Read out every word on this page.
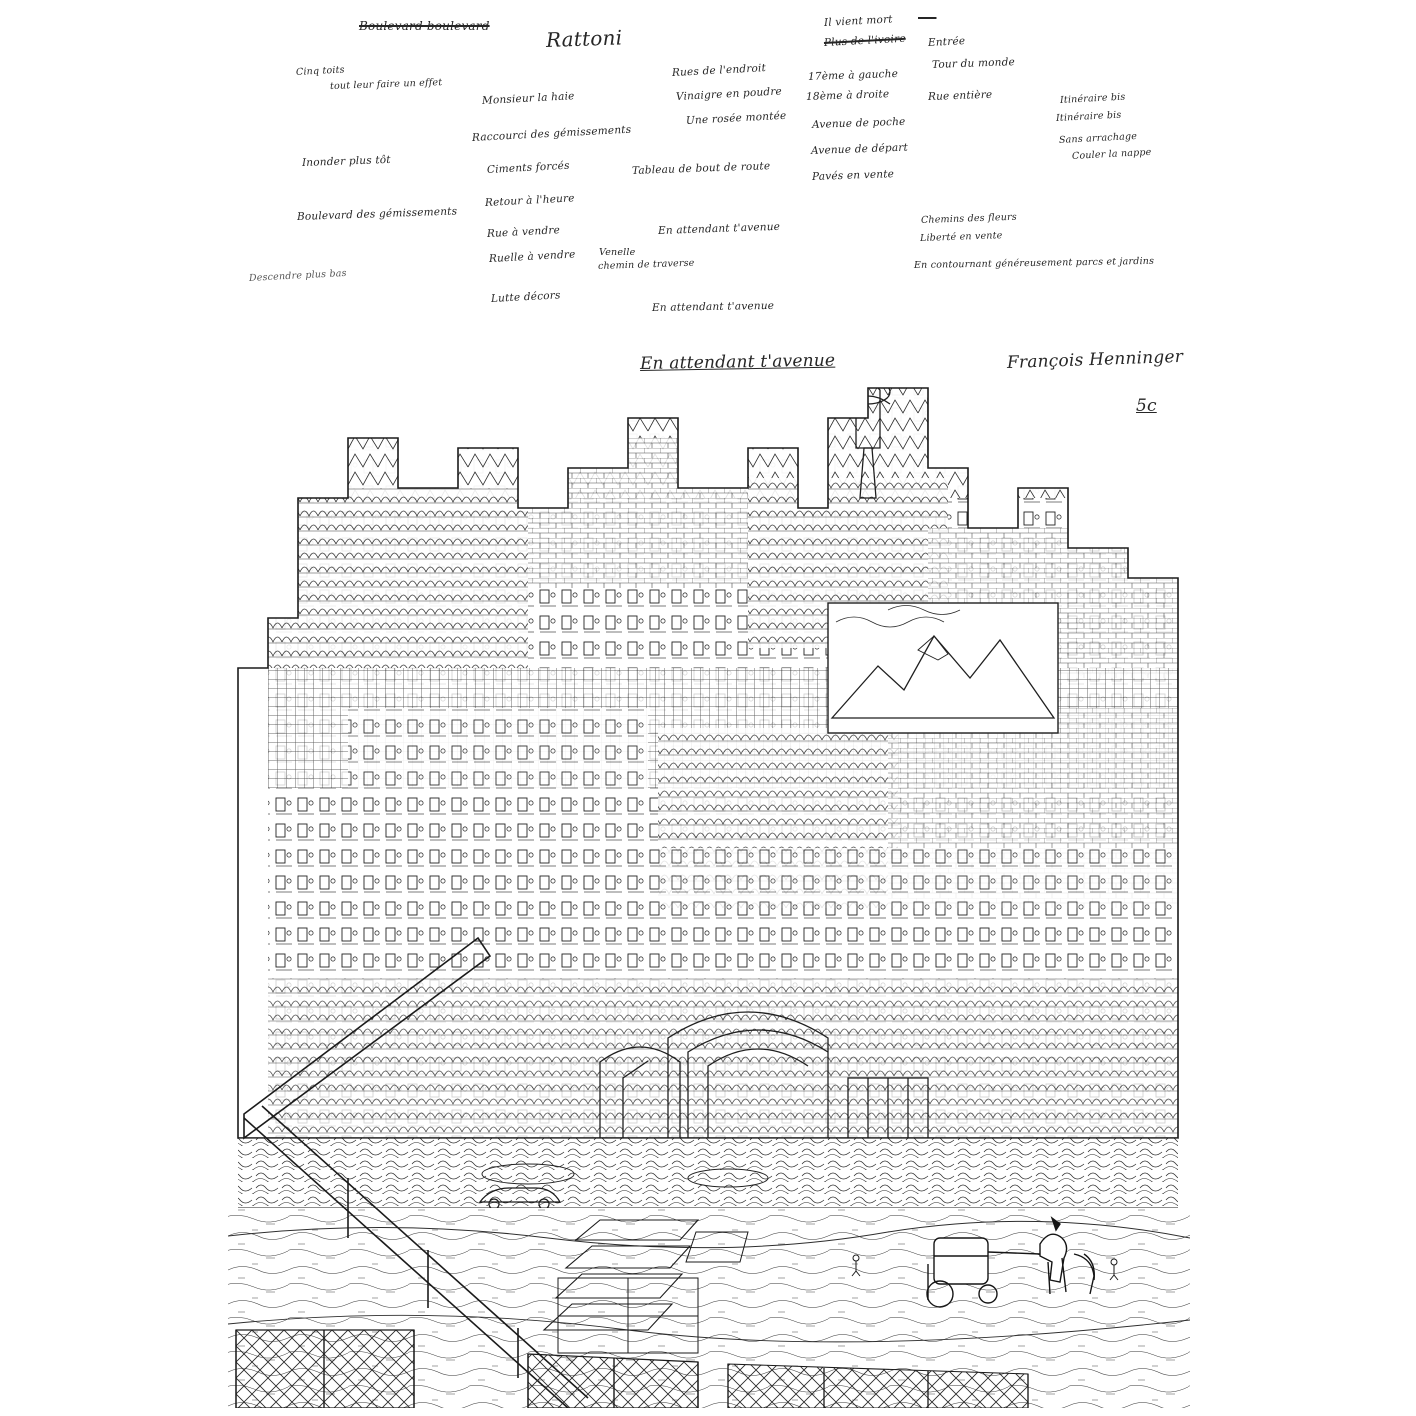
Boulevard boulevard
Cinq toits
tout leur faire un effet
Inonder plus tôt
Boulevard des gémissements
Descendre plus bas
Rattoni
Monsieur la haie
Raccourci des gémissements
Ciments forcés
Retour à l'heure
Rue à vendre
Ruelle à vendre
Lutte décors
Rues de l'endroit
Vinaigre en poudre
Une rosée montée
Tableau de bout de route
En attendant t'avenue
Venelle
chemin de traverse
En attendant t'avenue
Il vient mort
Plus de l'ivoire
17ème à gauche
18ème à droite
Avenue de poche
Avenue de départ
Pavés en vente

Entrée
Tour du monde
Rue entière
Chemins des fleurs
Liberté en vente
En contournant généreusement parcs et jardins
Itinéraire bis
Itinéraire bis
Sans arrachage
Couler la nappe
En attendant t'avenue	François Henninger
5c
